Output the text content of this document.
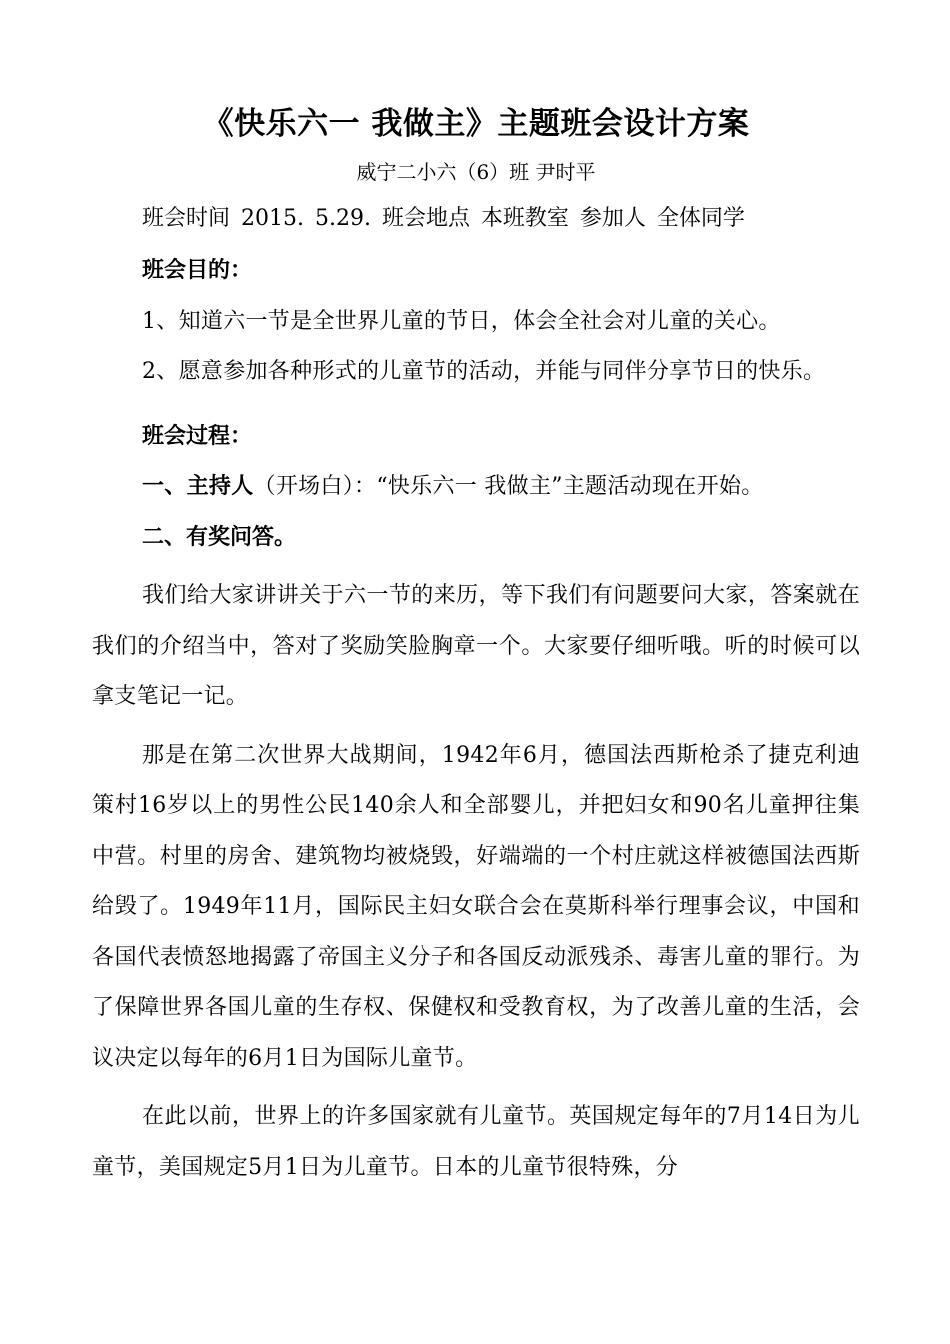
《快乐六一 我做主》主题班会设计方案
威宁二小六（6）班 尹时平

班会时间 2015. 5.29. 班会地点 本班教室 参加人 全体同学

班会目的：

1、知道六一节是全世界儿童的节日，体会全社会对儿童的关心。

2、愿意参加各种形式的儿童节的活动，并能与同伴分享节日的快乐。

班会过程：

一、主持人（开场白）：“快乐六一 我做主”主题活动现在开始。

二、有奖问答。

我们给大家讲讲关于六一节的来历，等下我们有问题要问大家，答案就在我们的介绍当中，答对了奖励笑脸胸章一个。大家要仔细听哦。听的时候可以拿支笔记一记。

那是在第二次世界大战期间，1942年6月，德国法西斯枪杀了捷克利迪策村16岁以上的男性公民140余人和全部婴儿，并把妇女和90名儿童押往集中营。村里的房舍、建筑物均被烧毁，好端端的一个村庄就这样被德国法西斯给毁了。1949年11月，国际民主妇女联合会在莫斯科举行理事会议，中国和各国代表愤怒地揭露了帝国主义分子和各国反动派残杀、毒害儿童的罪行。为了保障世界各国儿童的生存权、保健权和受教育权，为了改善儿童的生活，会议决定以每年的6月1日为国际儿童节。

在此以前，世界上的许多国家就有儿童节。英国规定每年的7月14日为儿童节，美国规定5月1日为儿童节。日本的儿童节很特殊，分
